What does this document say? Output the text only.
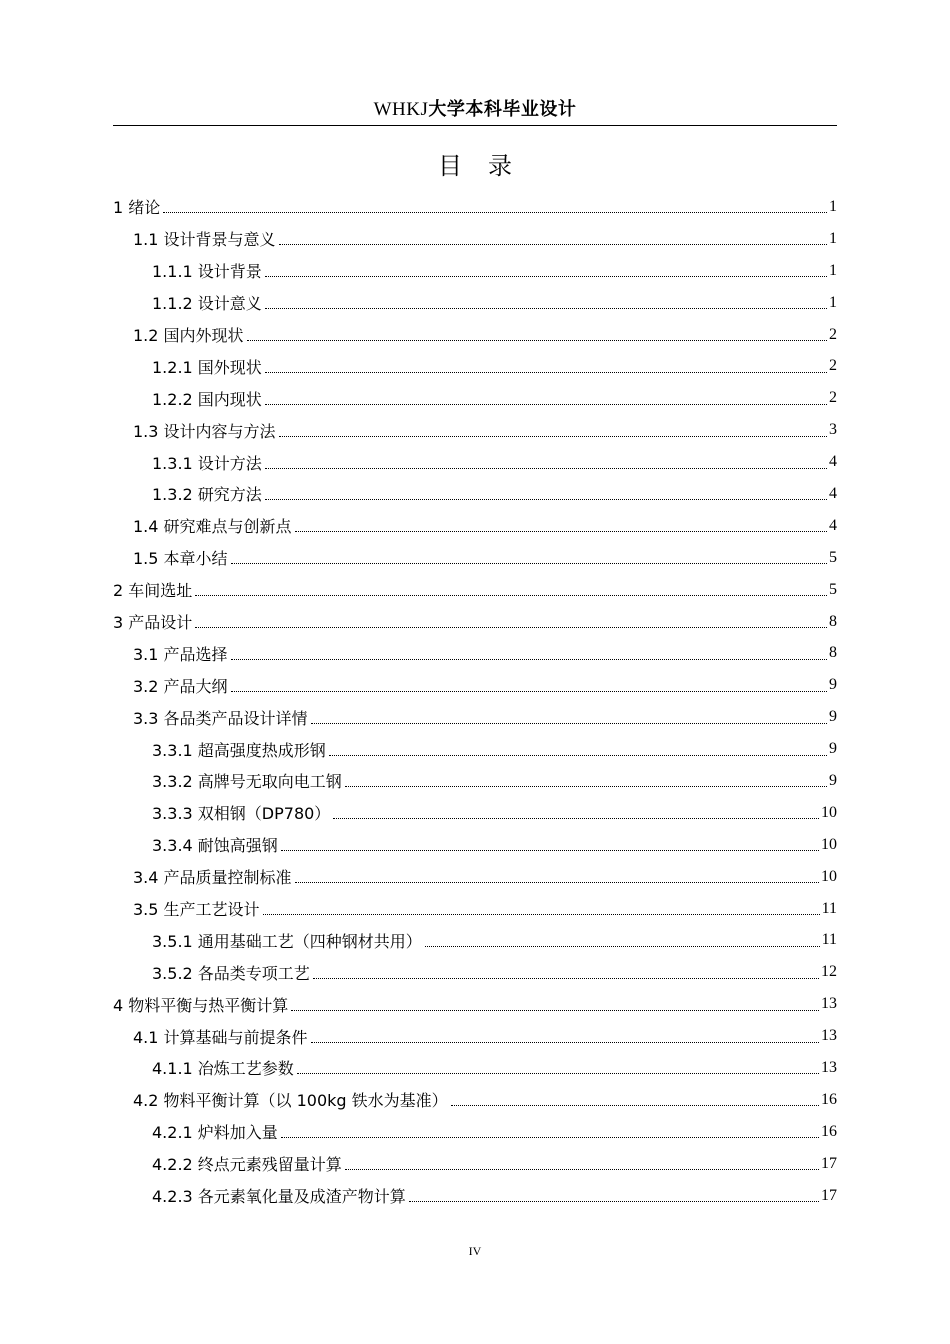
WHKJ大学本科毕业设计
目录
1 绪论	1
1.1 设计背景与意义	1
1.1.1 设计背景	1
1.1.2 设计意义	1
1.2 国内外现状	2
1.2.1 国外现状	2
1.2.2 国内现状	2
1.3 设计内容与方法	3
1.3.1 设计方法	4
1.3.2 研究方法	4
1.4 研究难点与创新点	4
1.5 本章小结	5
2 车间选址	5
3 产品设计	8
3.1 产品选择	8
3.2 产品大纲	9
3.3 各品类产品设计详情	9
3.3.1 超高强度热成形钢	9
3.3.2 高牌号无取向电工钢	9
3.3.3 双相钢（DP780）	10
3.3.4 耐蚀高强钢	10
3.4 产品质量控制标准	10
3.5 生产工艺设计	11
3.5.1 通用基础工艺（四种钢材共用）	11
3.5.2 各品类专项工艺	12
4 物料平衡与热平衡计算	13
4.1 计算基础与前提条件	13
4.1.1 冶炼工艺参数	13
4.2 物料平衡计算（以 100kg 铁水为基准）	16
4.2.1 炉料加入量	16
4.2.2 终点元素残留量计算	17
4.2.3 各元素氧化量及成渣产物计算	17
IV
